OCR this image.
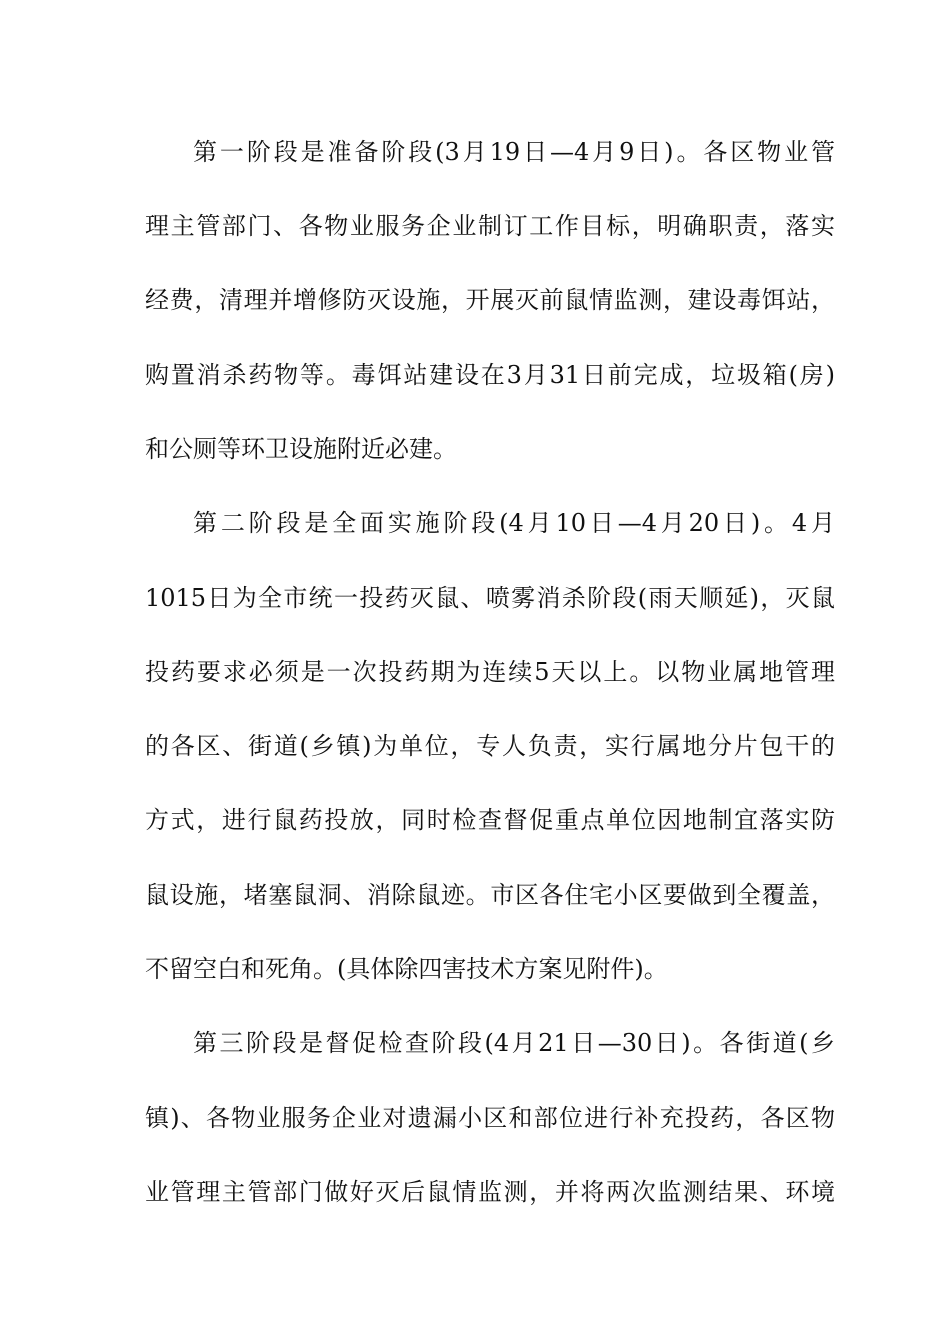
第一阶段是准备阶段(3月19日—4月9日)。各区物业管
理主管部门、各物业服务企业制订工作目标，明确职责，落实
经费，清理并增修防灭设施，开展灭前鼠情监测，建设毒饵站，
购置消杀药物等。毒饵站建设在3月31日前完成，垃圾箱(房)
和公厕等环卫设施附近必建。
第二阶段是全面实施阶段(4月10日—4月20日)。4月
1015日为全市统一投药灭鼠、喷雾消杀阶段(雨天顺延)，灭鼠
投药要求必须是一次投药期为连续5天以上。以物业属地管理
的各区、街道(乡镇)为单位，专人负责，实行属地分片包干的
方式，进行鼠药投放，同时检查督促重点单位因地制宜落实防
鼠设施，堵塞鼠洞、消除鼠迹。市区各住宅小区要做到全覆盖，
不留空白和死角。(具体除四害技术方案见附件)。
第三阶段是督促检查阶段(4月21日—30日)。各街道(乡
镇)、各物业服务企业对遗漏小区和部位进行补充投药，各区物
业管理主管部门做好灭后鼠情监测，并将两次监测结果、环境
